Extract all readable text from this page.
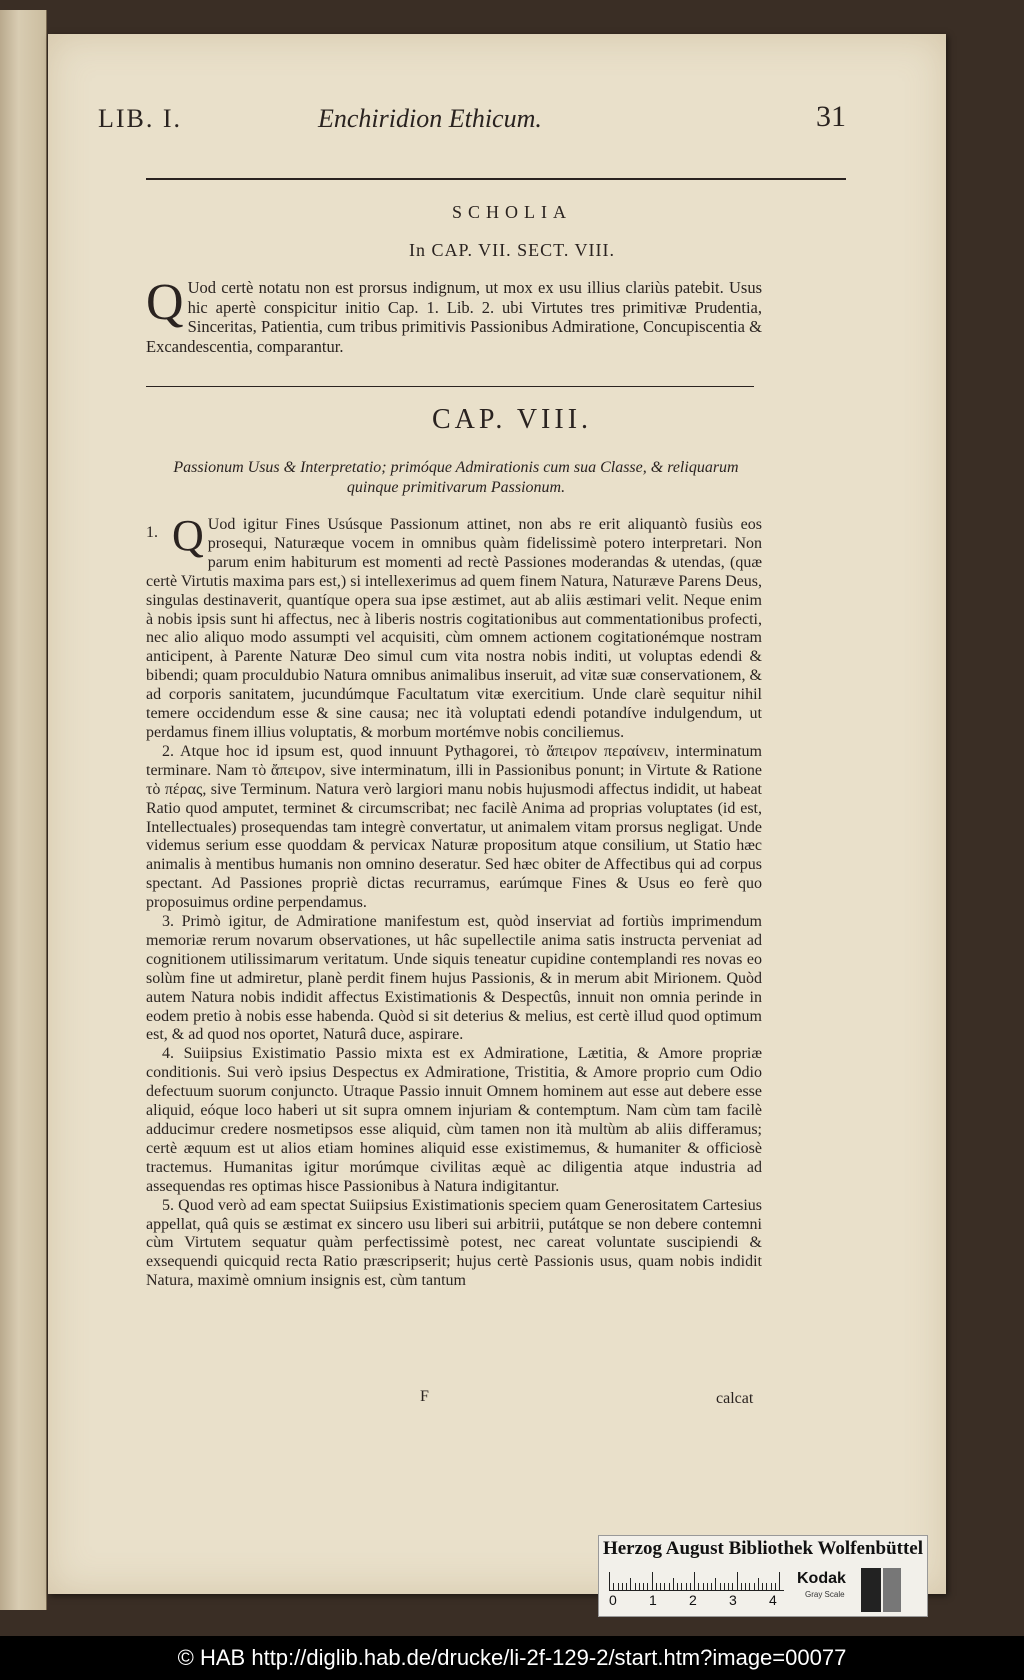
LIB. I.	Enchiridion Ethicum.	31
SCHOLIA
In CAP. VII. SECT. VIII.
Q Uod certè notatu non est prorsus indignum, ut mox ex usu illius clariùs patebit. Usus hic apertè conspicitur initio Cap. 1. Lib. 2. ubi Virtutes tres primitivæ Prudentia, Sinceritas, Patientia, cum tribus primitivis Passionibus Admiratione, Concupiscentia & Excandescentia, comparantur.
CAP. VIII.
Passionum Usus & Interpretatio; primóque Admirationis cum sua Classe, & reliquarum quinque primitivarum Passionum.

1. Q Uod igitur Fines Usúsque Passionum attinet, non abs re erit aliquantò fusiùs eos prosequi, Naturæque vocem in omnibus quàm fidelissimè potero interpretari. Non parum enim habiturum est momenti ad rectè Passiones moderandas & utendas, (quæ certè Virtutis maxima pars est,) si intellexerimus ad quem finem Natura, Naturæve Parens Deus, singulas destinaverit, quantíque opera sua ipse æstimet, aut ab aliis æstimari velit. Neque enim à nobis ipsis sunt hi affectus, nec à liberis nostris cogitationibus aut commentationibus profecti, nec alio aliquo modo assumpti vel acquisiti, cùm omnem actionem cogitationémque nostram anticipent, à Parente Naturæ Deo simul cum vita nostra nobis inditi, ut voluptas edendi & bibendi; quam proculdubio Natura omnibus animalibus inseruit, ad vitæ suæ conservationem, & ad corporis sanitatem, jucundúmque Facultatum vitæ exercitium. Unde clarè sequitur nihil temere occidendum esse & sine causa; nec ità voluptati edendi potandíve indulgendum, ut perdamus finem illius voluptatis, & morbum mortémve nobis conciliemus.

2. Atque hoc id ipsum est, quod innuunt Pythagorei, τὸ ἄπειρον περαίνειν, interminatum terminare. Nam τὸ ἄπειρον, sive interminatum, illi in Passionibus ponunt; in Virtute & Ratione τὸ πέρας, sive Terminum. Natura verò largiori manu nobis hujusmodi affectus indidit, ut habeat Ratio quod amputet, terminet & circumscribat; nec facilè Anima ad proprias voluptates (id est, Intellectuales) prosequendas tam integrè convertatur, ut animalem vitam prorsus negligat. Unde videmus serium esse quoddam & pervicax Naturæ propositum atque consilium, ut Statio hæc animalis à mentibus humanis non omnino deseratur. Sed hæc obiter de Affectibus qui ad corpus spectant. Ad Passiones propriè dictas recurramus, earúmque Fines & Usus eo ferè quo proposuimus ordine perpendamus.

3. Primò igitur, de Admiratione manifestum est, quòd inserviat ad fortiùs imprimendum memoriæ rerum novarum observationes, ut hâc supellectile anima satis instructa perveniat ad cognitionem utilissimarum veritatum. Unde siquis teneatur cupidine contemplandi res novas eo solùm fine ut admiretur, planè perdit finem hujus Passionis, & in merum abit Mirionem. Quòd autem Natura nobis indidit affectus Existimationis & Despectûs, innuit non omnia perinde in eodem pretio à nobis esse habenda. Quòd si sit deterius & melius, est certè illud quod optimum est, & ad quod nos oportet, Naturâ duce, aspirare.

4. Suiipsius Existimatio Passio mixta est ex Admiratione, Lætitia, & Amore propriæ conditionis. Sui verò ipsius Despectus ex Admiratione, Tristitia, & Amore proprio cum Odio defectuum suorum conjuncto. Utraque Passio innuit Omnem hominem aut esse aut debere esse aliquid, eóque loco haberi ut sit supra omnem injuriam & contemptum. Nam cùm tam facilè adducimur credere nosmetipsos esse aliquid, cùm tamen non ità multùm ab aliis differamus; certè æquum est ut alios etiam homines aliquid esse existimemus, & humaniter & officiosè tractemus. Humanitas igitur morúmque civilitas æquè ac diligentia atque industria ad assequendas res optimas hisce Passionibus à Natura indigitantur.

5. Quod verò ad eam spectat Suiipsius Existimationis speciem quam Generositatem Cartesius appellat, quâ quis se æstimat ex sincero usu liberi sui arbitrii, putátque se non debere contemni cùm Virtutem sequatur quàm perfectissimè potest, nec careat voluntate suscipiendi & exsequendi quicquid recta Ratio præscripserit; hujus certè Passionis usus, quam nobis indidit Natura, maximè omnium insignis est, cùm tantum

F	calcat
Herzog August Bibliothek Wolfenbüttel
0 1 2 3 4
Kodak
Gray Scale
© HAB http://diglib.hab.de/drucke/li-2f-129-2/start.htm?image=00077
